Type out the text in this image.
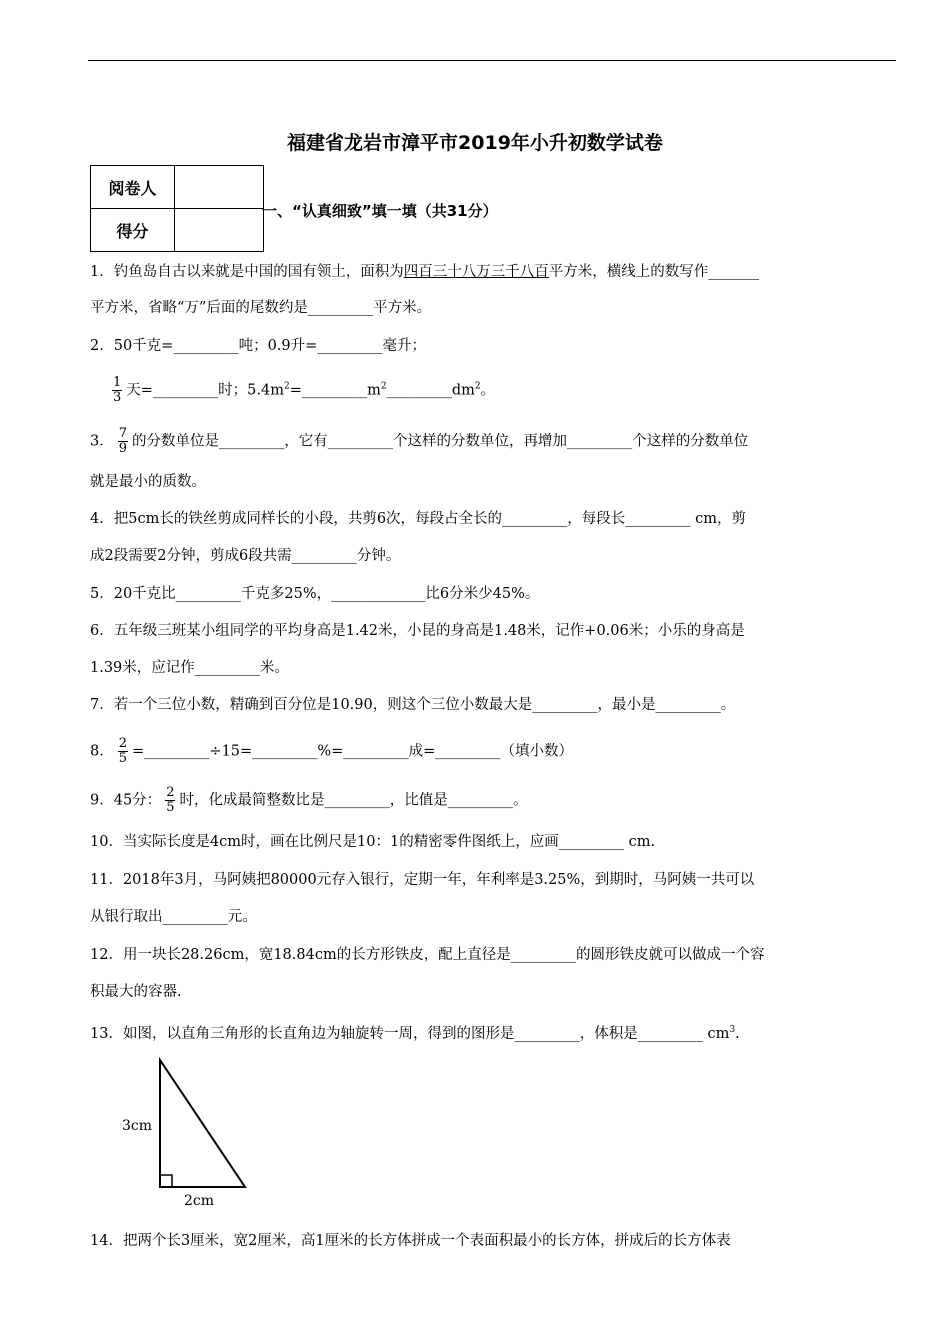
福建省龙岩市漳平市2019年小升初数学试卷
阅卷人	
得分	
一、“认真细致”填一填（共31分）
1．钓鱼岛自古以来就是中国的国有领土，面积为四百三十八万三千八百平方米，横线上的数写作_______
平方米，省略“万”后面的尾数约是_________平方米。
2．50千克=_________吨；0.9升=_________毫升；
$\frac{1}{3}$ 天=_________时；$5.4m^2=\_\_\_\_\_\_\_\_\_m^2\_\_\_\_\_\_\_\_\_dm^2$。
3． $\frac{7}{9}$ 的分数单位是_________，它有_________个这样的分数单位，再增加_________个这样的分数单位
就是最小的质数。
4．把5cm长的铁丝剪成同样长的小段，共剪6次，每段占全长的_________，每段长_________ cm，剪
成2段需要2分钟，剪成6段共需_________分钟。
5．20千克比_________千克多25%，_____________比6分米少45%。
6．五年级三班某小组同学的平均身高是1.42米，小昆的身高是1.48米，记作+0.06米；小乐的身高是
1.39米，应记作_________米。
7．若一个三位小数，精确到百分位是10.90，则这个三位小数最大是_________，最小是_________。
8． $\frac{2}{5}$ =_________÷15=_________%=_________成=_________（填小数）
9．45分： $\frac{2}{5}$ 时，化成最简整数比是_________，比值是_________。
10．当实际长度是4cm时，画在比例尺是10：1的精密零件图纸上，应画_________ cm.
11．2018年3月，马阿姨把80000元存入银行，定期一年，年利率是3.25%，到期时，马阿姨一共可以
从银行取出_________元。
12．用一块长28.26cm，宽18.84cm的长方形铁皮，配上直径是_________的圆形铁皮就可以做成一个容
积最大的容器.
13．如图，以直角三角形的长直角边为轴旋转一周，得到的图形是_________，体积是_________ $cm^3$.
3cm
2cm
14．把两个长3厘米，宽2厘米，高1厘米的长方体拼成一个表面积最小的长方体，拼成后的长方体表
